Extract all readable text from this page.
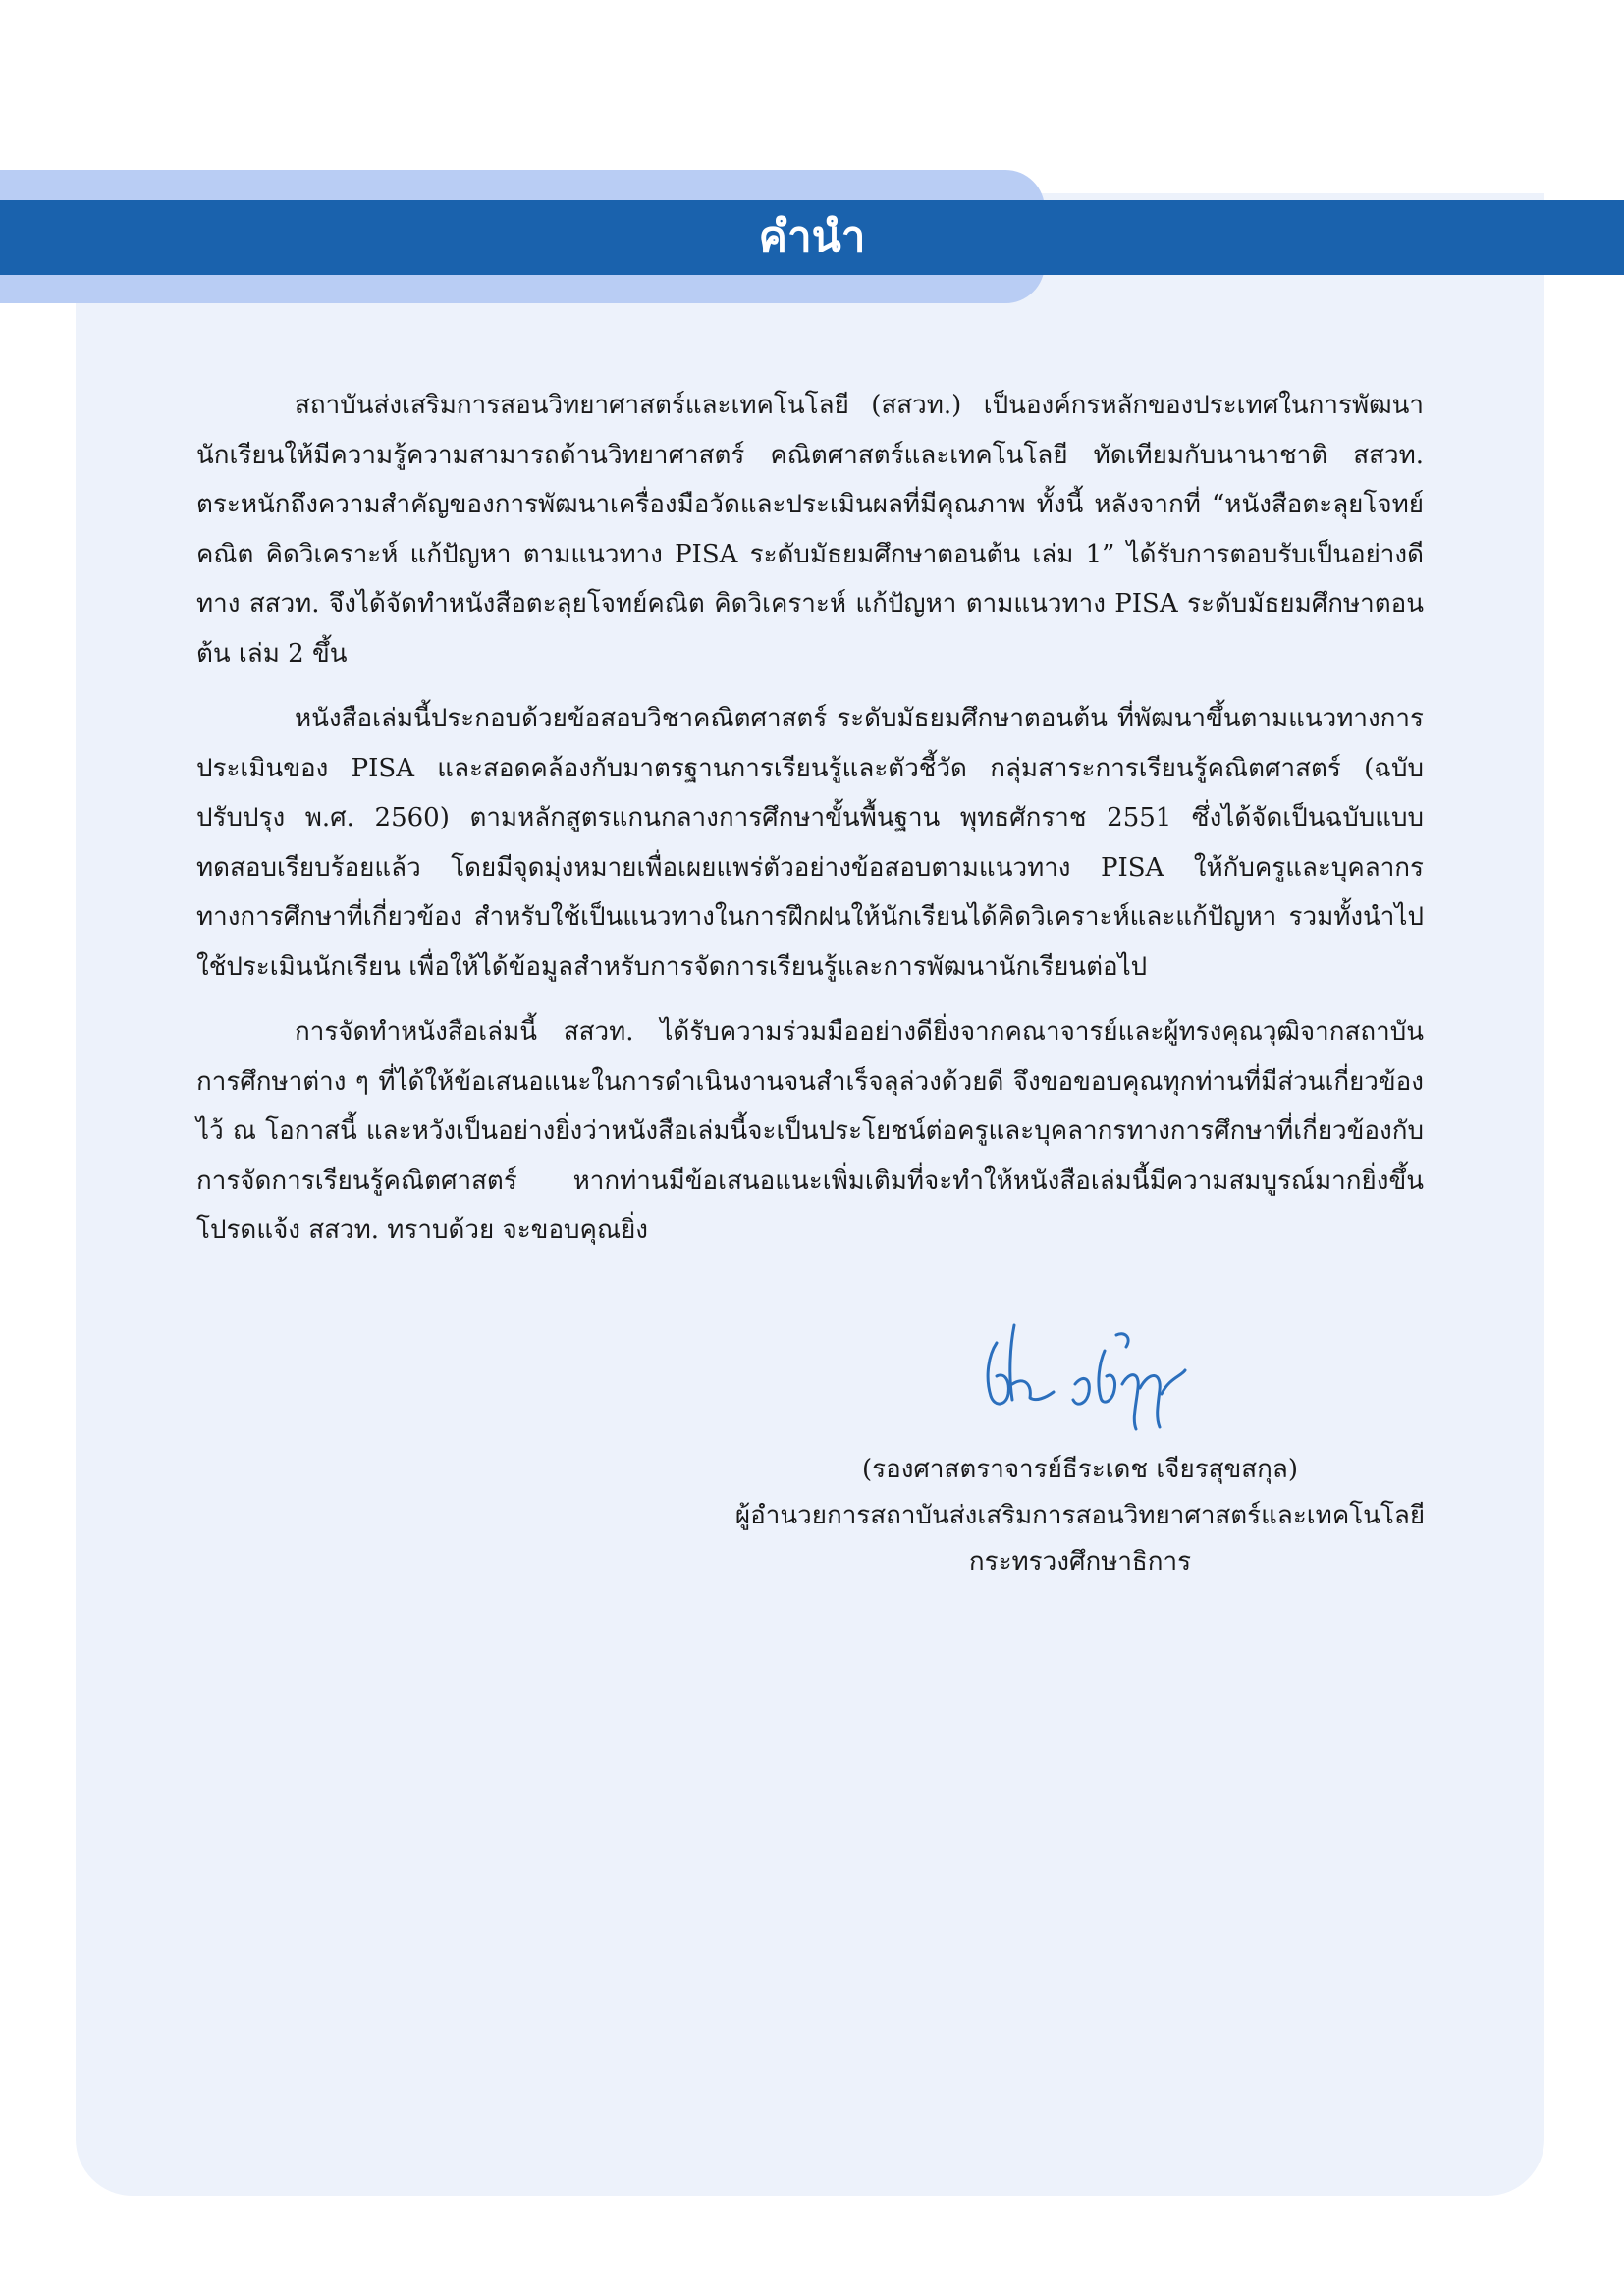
คำนำ

สถาบันส่งเสริมการสอนวิทยาศาสตร์และเทคโนโลยี (สสวท.) เป็นองค์กรหลักของประเทศในการพัฒนานักเรียนให้มีความรู้ความสามารถด้านวิทยาศาสตร์ คณิตศาสตร์และเทคโนโลยี ทัดเทียมกับนานาชาติ สสวท. ตระหนักถึงความสำคัญของการพัฒนาเครื่องมือวัดและประเมินผลที่มีคุณภาพ ทั้งนี้ หลังจากที่ “หนังสือตะลุยโจทย์คณิต คิดวิเคราะห์ แก้ปัญหา ตามแนวทาง PISA ระดับมัธยมศึกษาตอนต้น เล่ม 1” ได้รับการตอบรับเป็นอย่างดี ทาง สสวท. จึงได้จัดทำหนังสือตะลุยโจทย์คณิต คิดวิเคราะห์ แก้ปัญหา ตามแนวทาง PISA ระดับมัธยมศึกษาตอนต้น เล่ม 2 ขึ้น

หนังสือเล่มนี้ประกอบด้วยข้อสอบวิชาคณิตศาสตร์ ระดับมัธยมศึกษาตอนต้น ที่พัฒนาขึ้นตามแนวทางการประเมินของ PISA และสอดคล้องกับมาตรฐานการเรียนรู้และตัวชี้วัด กลุ่มสาระการเรียนรู้คณิตศาสตร์ (ฉบับปรับปรุง พ.ศ. 2560) ตามหลักสูตรแกนกลางการศึกษาขั้นพื้นฐาน พุทธศักราช 2551 ซึ่งได้จัดเป็นฉบับแบบทดสอบเรียบร้อยแล้ว โดยมีจุดมุ่งหมายเพื่อเผยแพร่ตัวอย่างข้อสอบตามแนวทาง PISA ให้กับครูและบุคลากรทางการศึกษาที่เกี่ยวข้อง สำหรับใช้เป็นแนวทางในการฝึกฝนให้นักเรียนได้คิดวิเคราะห์และแก้ปัญหา รวมทั้งนำไปใช้ประเมินนักเรียน เพื่อให้ได้ข้อมูลสำหรับการจัดการเรียนรู้และการพัฒนานักเรียนต่อไป

การจัดทำหนังสือเล่มนี้ สสวท. ได้รับความร่วมมืออย่างดียิ่งจากคณาจารย์และผู้ทรงคุณวุฒิจากสถาบันการศึกษาต่าง ๆ ที่ได้ให้ข้อเสนอแนะในการดำเนินงานจนสำเร็จลุล่วงด้วยดี จึงขอขอบคุณทุกท่านที่มีส่วนเกี่ยวข้องไว้ ณ โอกาสนี้ และหวังเป็นอย่างยิ่งว่าหนังสือเล่มนี้จะเป็นประโยชน์ต่อครูและบุคลากรทางการศึกษาที่เกี่ยวข้องกับการจัดการเรียนรู้คณิตศาสตร์ หากท่านมีข้อเสนอแนะเพิ่มเติมที่จะทำให้หนังสือเล่มนี้มีความสมบูรณ์มากยิ่งขึ้น โปรดแจ้ง สสวท. ทราบด้วย จะขอบคุณยิ่ง

(รองศาสตราจารย์ธีระเดช เจียรสุขสกุล)
ผู้อำนวยการสถาบันส่งเสริมการสอนวิทยาศาสตร์และเทคโนโลยี
กระทรวงศึกษาธิการ
